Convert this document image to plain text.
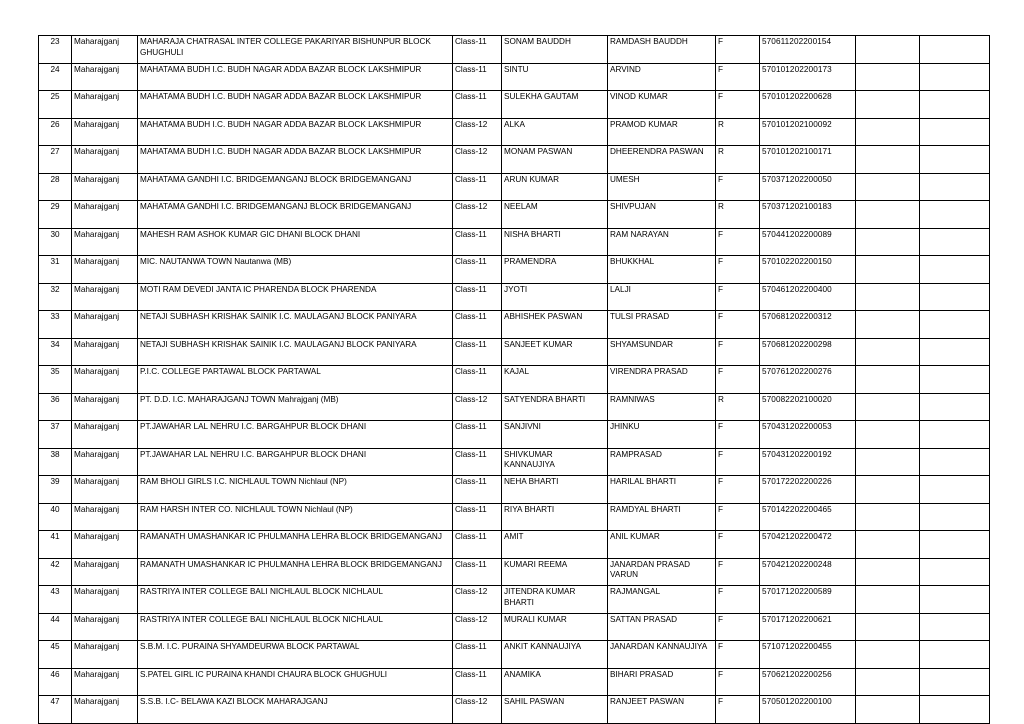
23	Maharajganj	MAHARAJA CHATRASAL INTER COLLEGE PAKARIYAR BISHUNPUR BLOCK GHUGHULI	Class-11	SONAM BAUDDH	RAMDASH BAUDDH	F	570611202200154		
24	Maharajganj	MAHATAMA BUDH I.C. BUDH NAGAR ADDA BAZAR BLOCK LAKSHMIPUR	Class-11	SINTU	ARVIND	F	570101202200173		
25	Maharajganj	MAHATAMA BUDH I.C. BUDH NAGAR ADDA BAZAR BLOCK LAKSHMIPUR	Class-11	SULEKHA GAUTAM	VINOD KUMAR	F	570101202200628		
26	Maharajganj	MAHATAMA BUDH I.C. BUDH NAGAR ADDA BAZAR BLOCK LAKSHMIPUR	Class-12	ALKA	PRAMOD KUMAR	R	570101202100092		
27	Maharajganj	MAHATAMA BUDH I.C. BUDH NAGAR ADDA BAZAR BLOCK LAKSHMIPUR	Class-12	MONAM PASWAN	DHEERENDRA PASWAN	R	570101202100171		
28	Maharajganj	MAHATAMA GANDHI I.C. BRIDGEMANGANJ BLOCK BRIDGEMANGANJ	Class-11	ARUN KUMAR	UMESH	F	570371202200050		
29	Maharajganj	MAHATAMA GANDHI I.C. BRIDGEMANGANJ BLOCK BRIDGEMANGANJ	Class-12	NEELAM	SHIVPUJAN	R	570371202100183		
30	Maharajganj	MAHESH RAM ASHOK KUMAR GIC DHANI BLOCK DHANI	Class-11	NISHA BHARTI	RAM NARAYAN	F	570441202200089		
31	Maharajganj	MIC. NAUTANWA TOWN Nautanwa (MB)	Class-11	PRAMENDRA	BHUKKHAL	F	570102202200150		
32	Maharajganj	MOTI RAM DEVEDI JANTA IC PHARENDA BLOCK PHARENDA	Class-11	JYOTI	LALJI	F	570461202200400		
33	Maharajganj	NETAJI SUBHASH KRISHAK SAINIK I.C. MAULAGANJ BLOCK PANIYARA	Class-11	ABHISHEK PASWAN	TULSI PRASAD	F	570681202200312		
34	Maharajganj	NETAJI SUBHASH KRISHAK SAINIK I.C. MAULAGANJ BLOCK PANIYARA	Class-11	SANJEET KUMAR	SHYAMSUNDAR	F	570681202200298		
35	Maharajganj	P.I.C. COLLEGE PARTAWAL BLOCK PARTAWAL	Class-11	KAJAL	VIRENDRA PRASAD	F	570761202200276		
36	Maharajganj	PT. D.D. I.C. MAHARAJGANJ TOWN Mahrajganj (MB)	Class-12	SATYENDRA BHARTI	RAMNIWAS	R	570082202100020		
37	Maharajganj	PT.JAWAHAR LAL NEHRU I.C. BARGAHPUR BLOCK DHANI	Class-11	SANJIVNI	JHINKU	F	570431202200053		
38	Maharajganj	PT.JAWAHAR LAL NEHRU I.C. BARGAHPUR BLOCK DHANI	Class-11	SHIVKUMAR KANNAUJIYA	RAMPRASAD	F	570431202200192		
39	Maharajganj	RAM BHOLI GIRLS I.C. NICHLAUL TOWN Nichlaul (NP)	Class-11	NEHA BHARTI	HARILAL BHARTI	F	570172202200226		
40	Maharajganj	RAM HARSH INTER CO. NICHLAUL TOWN Nichlaul (NP)	Class-11	RIYA BHARTI	RAMDYAL BHARTI	F	570142202200465		
41	Maharajganj	RAMANATH UMASHANKAR IC PHULMANHA LEHRA BLOCK BRIDGEMANGANJ	Class-11	AMIT	ANIL KUMAR	F	570421202200472		
42	Maharajganj	RAMANATH UMASHANKAR IC PHULMANHA LEHRA BLOCK BRIDGEMANGANJ	Class-11	KUMARI REEMA	JANARDAN PRASAD VARUN	F	570421202200248		
43	Maharajganj	RASTRIYA INTER COLLEGE BALI NICHLAUL BLOCK NICHLAUL	Class-12	JITENDRA KUMAR BHARTI	RAJMANGAL	F	570171202200589		
44	Maharajganj	RASTRIYA INTER COLLEGE BALI NICHLAUL BLOCK NICHLAUL	Class-12	MURALI KUMAR	SATTAN PRASAD	F	570171202200621		
45	Maharajganj	S.B.M. I.C. PURAINA SHYAMDEURWA BLOCK PARTAWAL	Class-11	ANKIT KANNAUJIYA	JANARDAN KANNAUJIYA	F	571071202200455		
46	Maharajganj	S.PATEL GIRL IC PURAINA KHANDI CHAURA BLOCK GHUGHULI	Class-11	ANAMIKA	BIHARI PRASAD	F	570621202200256		
47	Maharajganj	S.S.B. I.C- BELAWA KAZI BLOCK MAHARAJGANJ	Class-12	SAHIL PASWAN	RANJEET PASWAN	F	570501202200100		
